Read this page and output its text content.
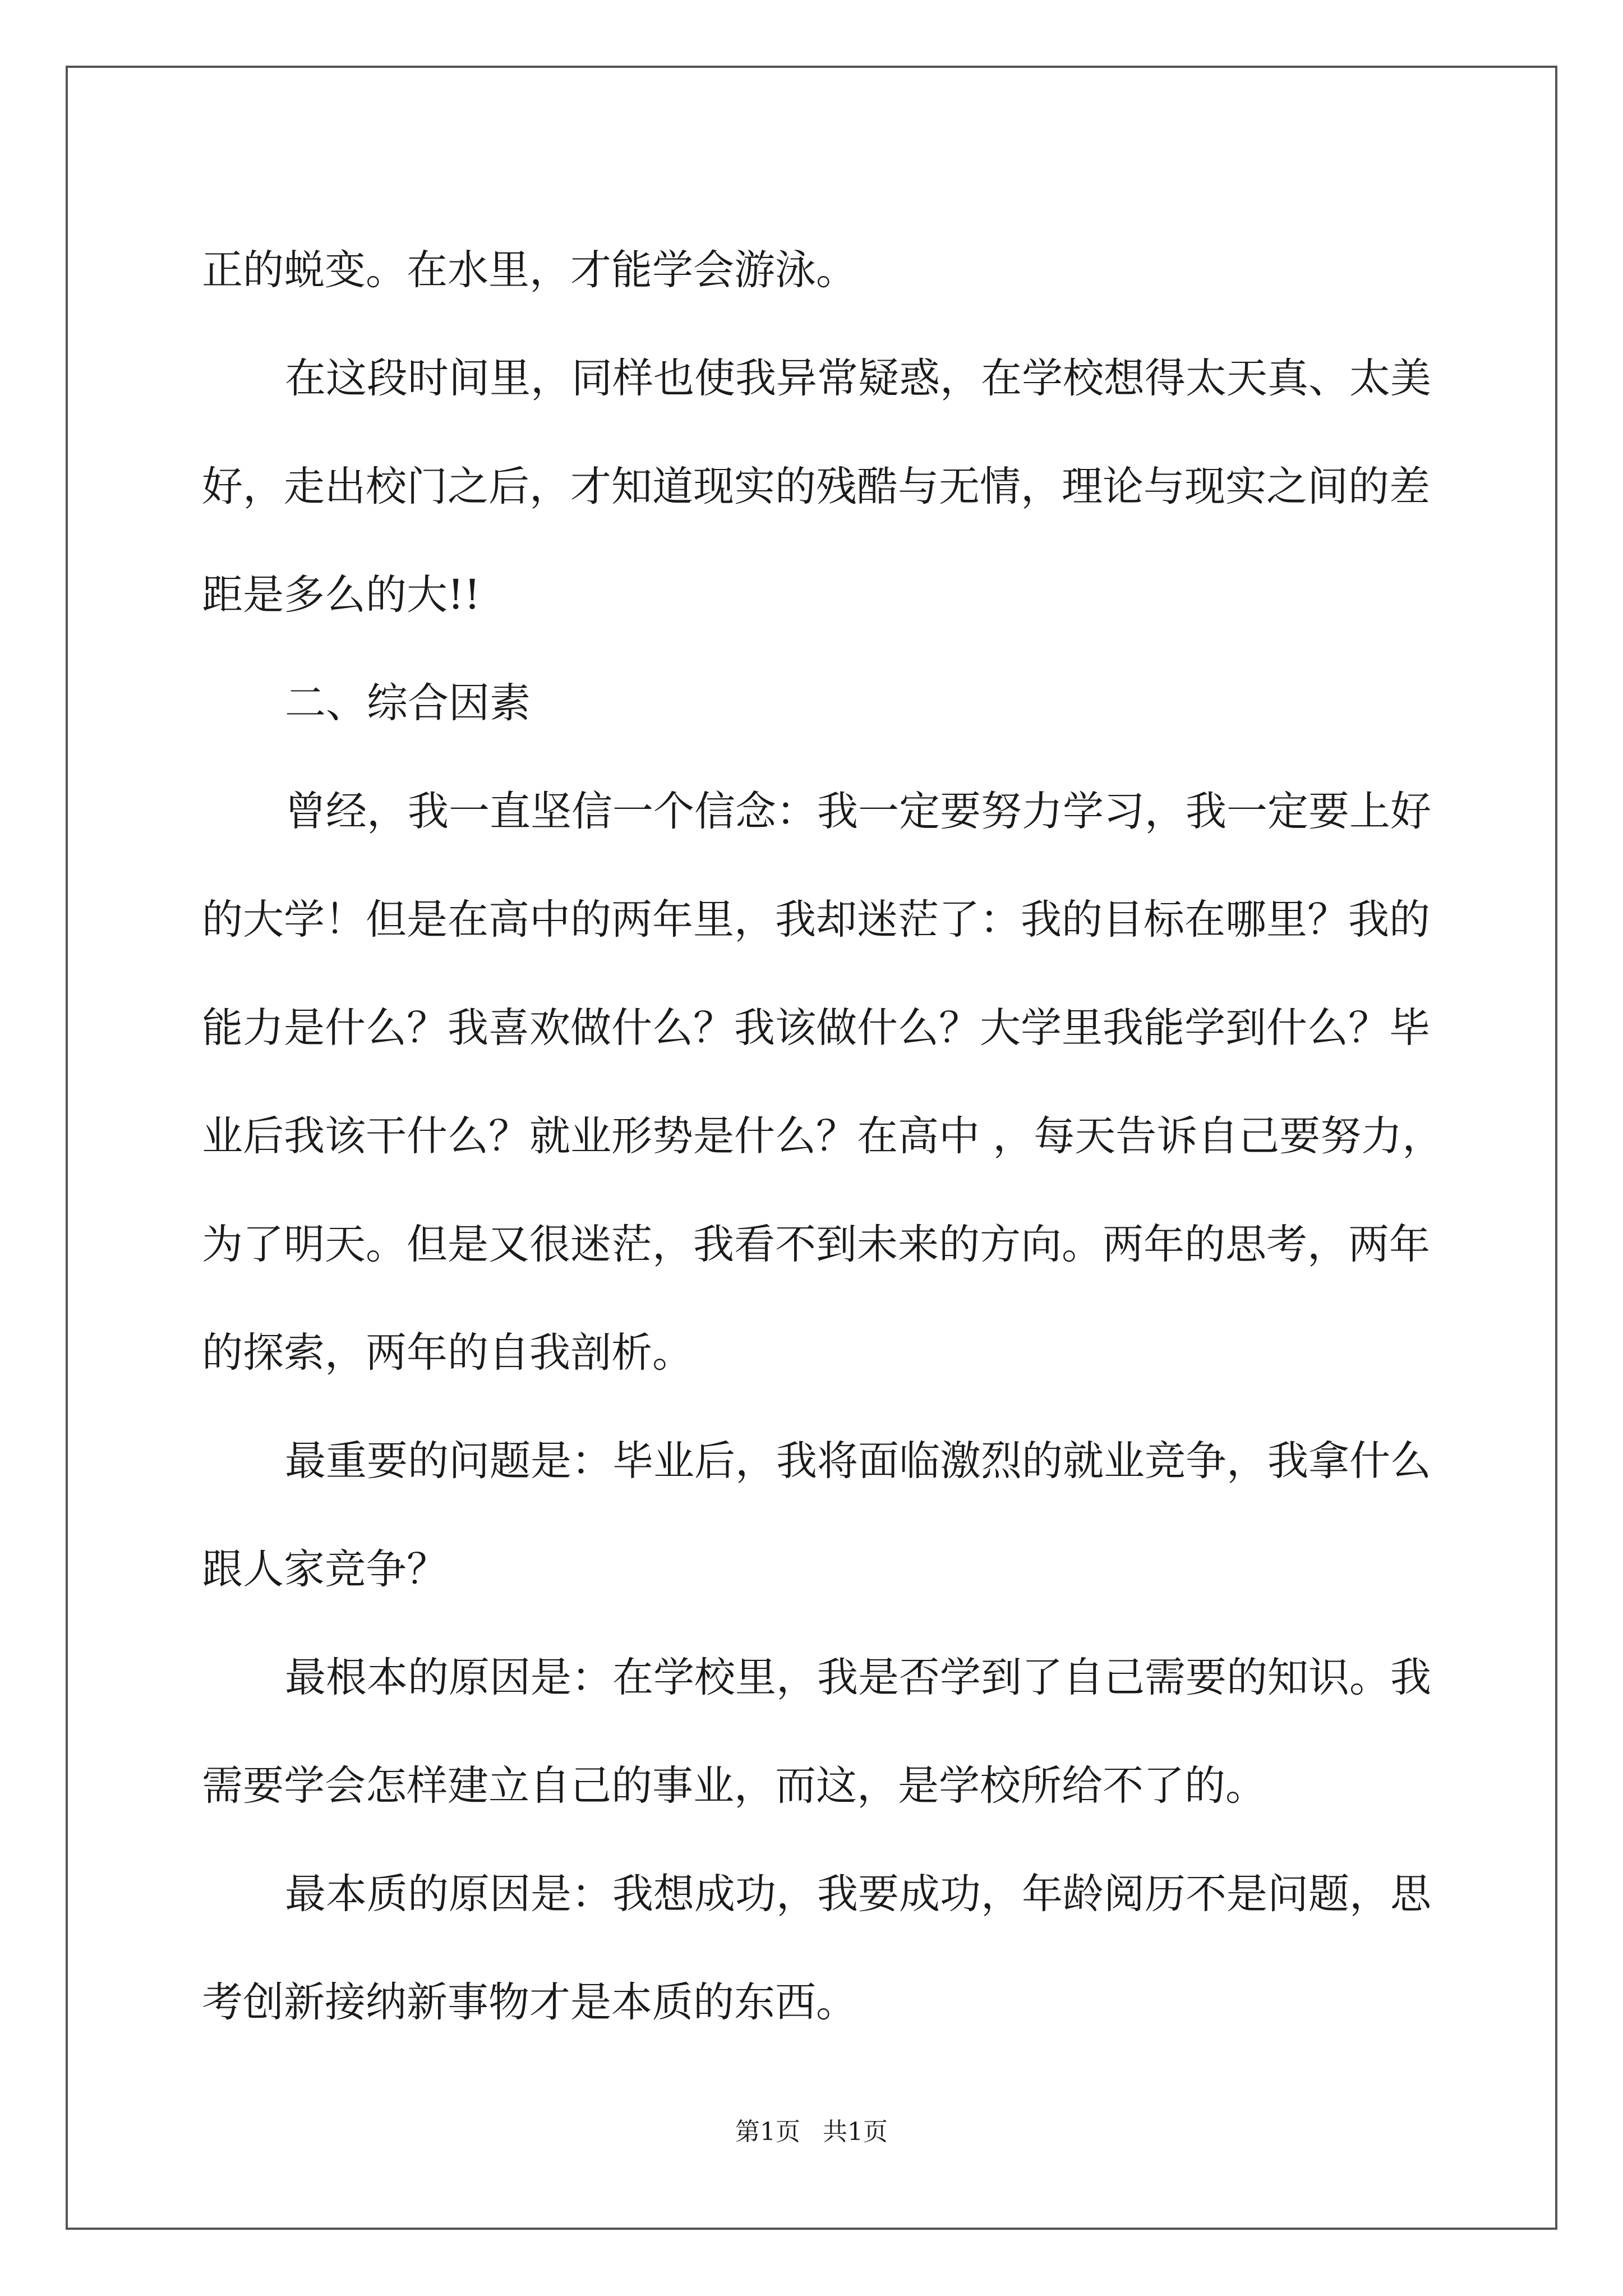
正的蜕变。在水里，才能学会游泳。
在这段时间里，同样也使我异常疑惑，在学校想得太天真、太美
好，走出校门之后，才知道现实的残酷与无情，理论与现实之间的差
距是多么的大!!
二、综合因素
曾经，我一直坚信一个信念：我一定要努力学习，我一定要上好
的大学！但是在高中的两年里，我却迷茫了：我的目标在哪里？我的
能力是什么？我喜欢做什么？我该做什么？大学里我能学到什么？毕
业后我该干什么？就业形势是什么？在高中 ，每天告诉自己要努力，
为了明天。但是又很迷茫，我看不到未来的方向。两年的思考，两年
的探索，两年的自我剖析。
最重要的问题是：毕业后，我将面临激烈的就业竞争，我拿什么
跟人家竞争？
最根本的原因是：在学校里，我是否学到了自己需要的知识。我
需要学会怎样建立自己的事业，而这，是学校所给不了的。
最本质的原因是：我想成功，我要成功，年龄阅历不是问题，思
考创新接纳新事物才是本质的东西。
第1页 共1页
